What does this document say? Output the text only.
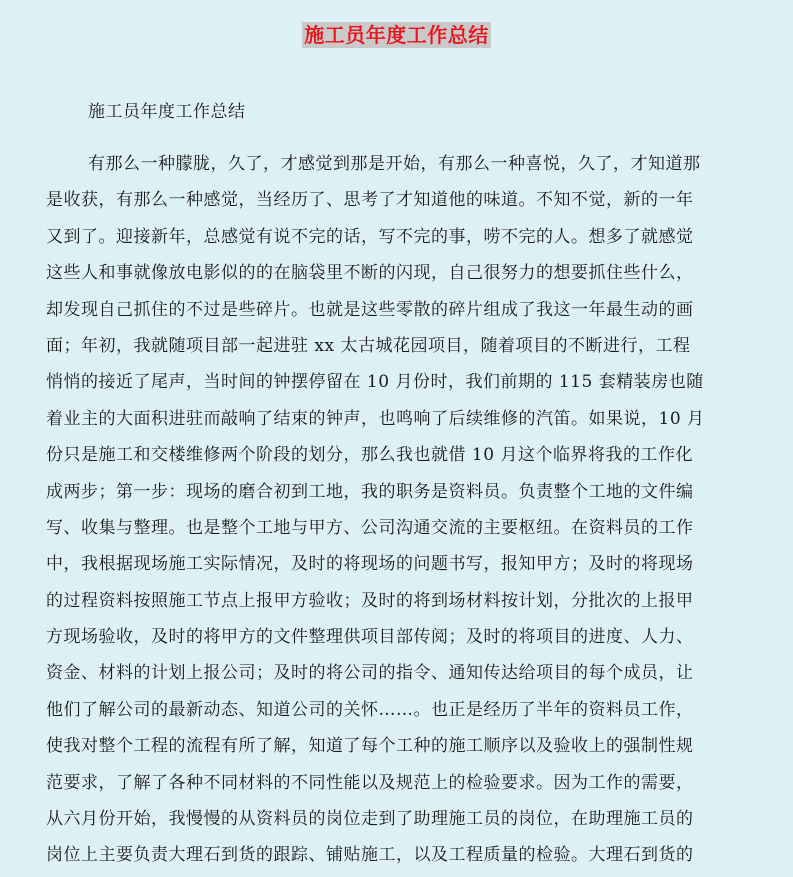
施工员年度工作总结
施工员年度工作总结
有那么一种朦胧，久了，才感觉到那是开始，有那么一种喜悦，久了，才知道那
是收获，有那么一种感觉，当经历了、思考了才知道他的味道。不知不觉，新的一年
又到了。迎接新年，总感觉有说不完的话，写不完的事，唠不完的人。想多了就感觉
这些人和事就像放电影似的的在脑袋里不断的闪现，自己很努力的想要抓住些什么，
却发现自己抓住的不过是些碎片。也就是这些零散的碎片组成了我这一年最生动的画
面；年初，我就随项目部一起进驻 xx 太古城花园项目，随着项目的不断进行，工程
悄悄的接近了尾声，当时间的钟摆停留在 10 月份时，我们前期的 115 套精装房也随
着业主的大面积进驻而敲响了结束的钟声，也鸣响了后续维修的汽笛。如果说，10 月
份只是施工和交楼维修两个阶段的划分，那么我也就借 10 月这个临界将我的工作化
成两步；第一步：现场的磨合初到工地，我的职务是资料员。负责整个工地的文件编
写、收集与整理。也是整个工地与甲方、公司沟通交流的主要枢纽。在资料员的工作
中，我根据现场施工实际情况，及时的将现场的问题书写，报知甲方；及时的将现场
的过程资料按照施工节点上报甲方验收；及时的将到场材料按计划，分批次的上报甲
方现场验收，及时的将甲方的文件整理供项目部传阅；及时的将项目的进度、人力、
资金、材料的计划上报公司；及时的将公司的指令、通知传达给项目的每个成员，让
他们了解公司的最新动态、知道公司的关怀……。也正是经历了半年的资料员工作，
使我对整个工程的流程有所了解，知道了每个工种的施工顺序以及验收上的强制性规
范要求，了解了各种不同材料的不同性能以及规范上的检验要求。因为工作的需要，
从六月份开始，我慢慢的从资料员的岗位走到了助理施工员的岗位，在助理施工员的
岗位上主要负责大理石到货的跟踪、铺贴施工，以及工程质量的检验。大理石到货的
